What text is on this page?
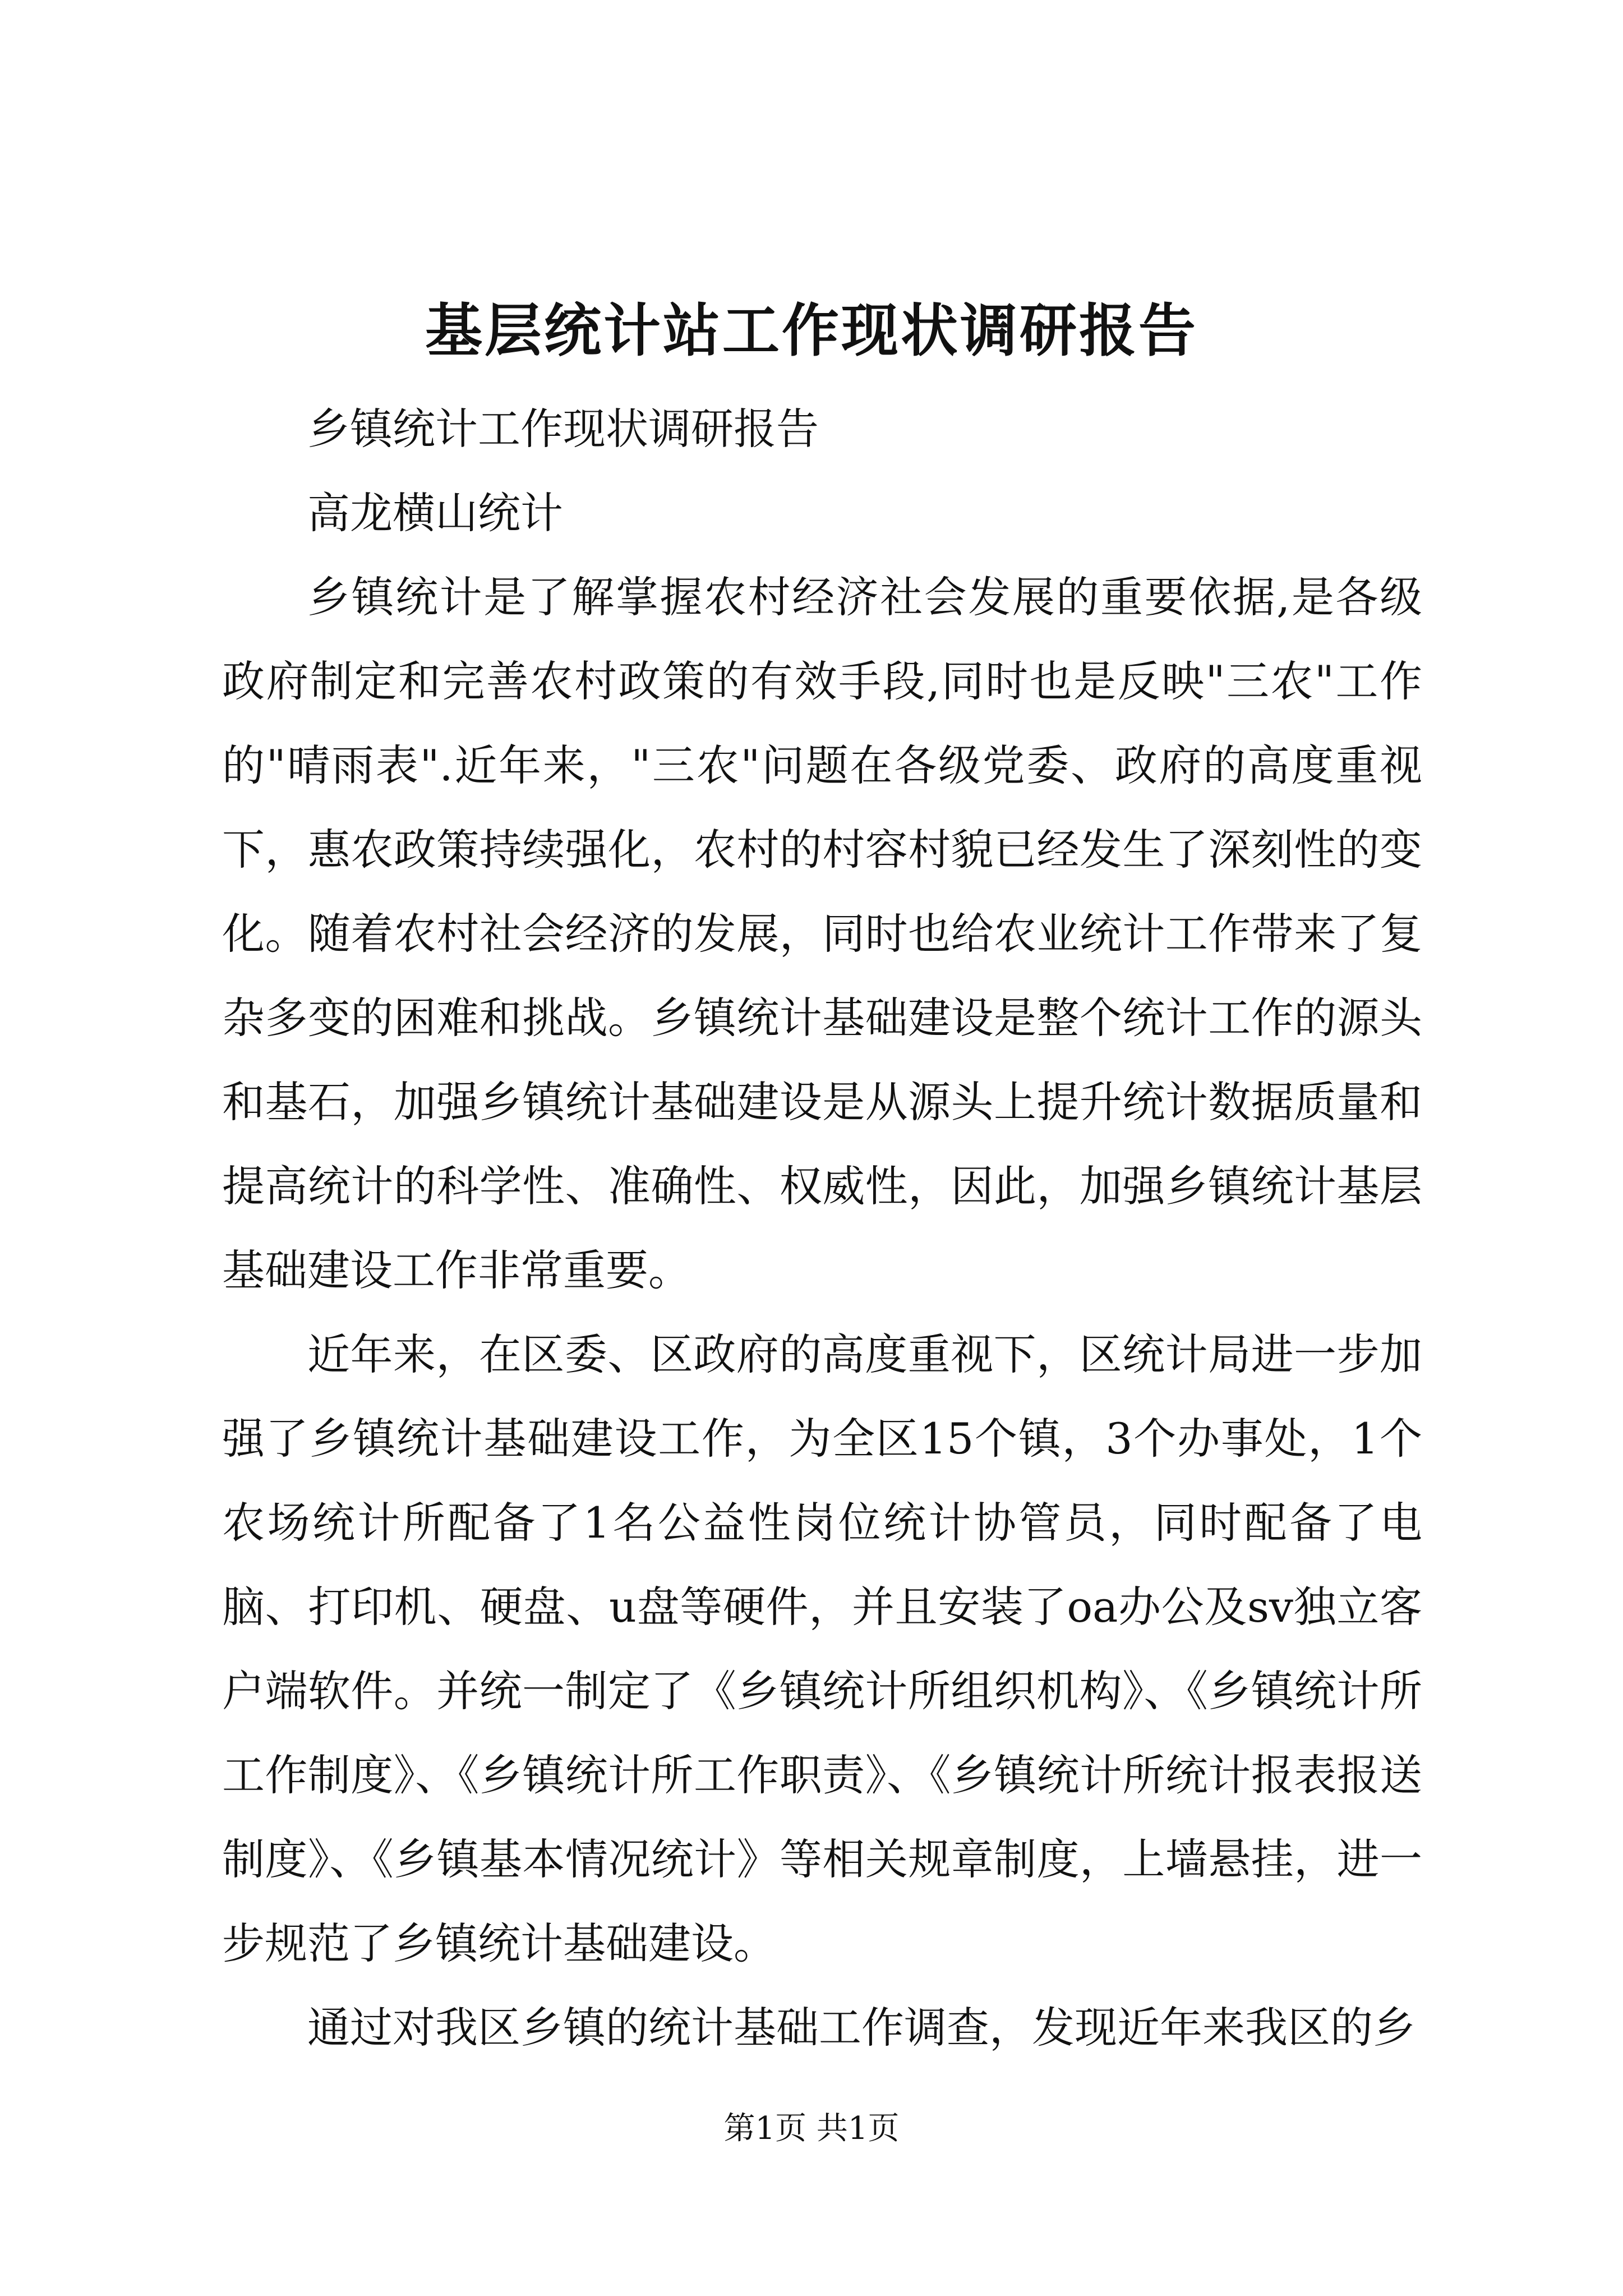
基层统计站工作现状调研报告

乡镇统计工作现状调研报告

高龙横山统计

乡镇统计是了解掌握农村经济社会发展的重要依据,是各级政府制定和完善农村政策的有效手段,同时也是反映"三农"工作的"晴雨表".近年来，"三农"问题在各级党委、政府的高度重视下，惠农政策持续强化，农村的村容村貌已经发生了深刻性的变化。随着农村社会经济的发展，同时也给农业统计工作带来了复杂多变的困难和挑战。乡镇统计基础建设是整个统计工作的源头和基石，加强乡镇统计基础建设是从源头上提升统计数据质量和提高统计的科学性、准确性、权威性，因此，加强乡镇统计基层基础建设工作非常重要。

近年来，在区委、区政府的高度重视下，区统计局进一步加强了乡镇统计基础建设工作，为全区15个镇，3个办事处，1个农场统计所配备了1名公益性岗位统计协管员，同时配备了电脑、打印机、硬盘、u盘等硬件，并且安装了oa办公及sv独立客户端软件。并统一制定了《乡镇统计所组织机构》、《乡镇统计所工作制度》、《乡镇统计所工作职责》、《乡镇统计所统计报表报送制度》、《乡镇基本情况统计》等相关规章制度，上墙悬挂，进一步规范了乡镇统计基础建设。

通过对我区乡镇的统计基础工作调查，发现近年来我区的乡

第1页 共1页
